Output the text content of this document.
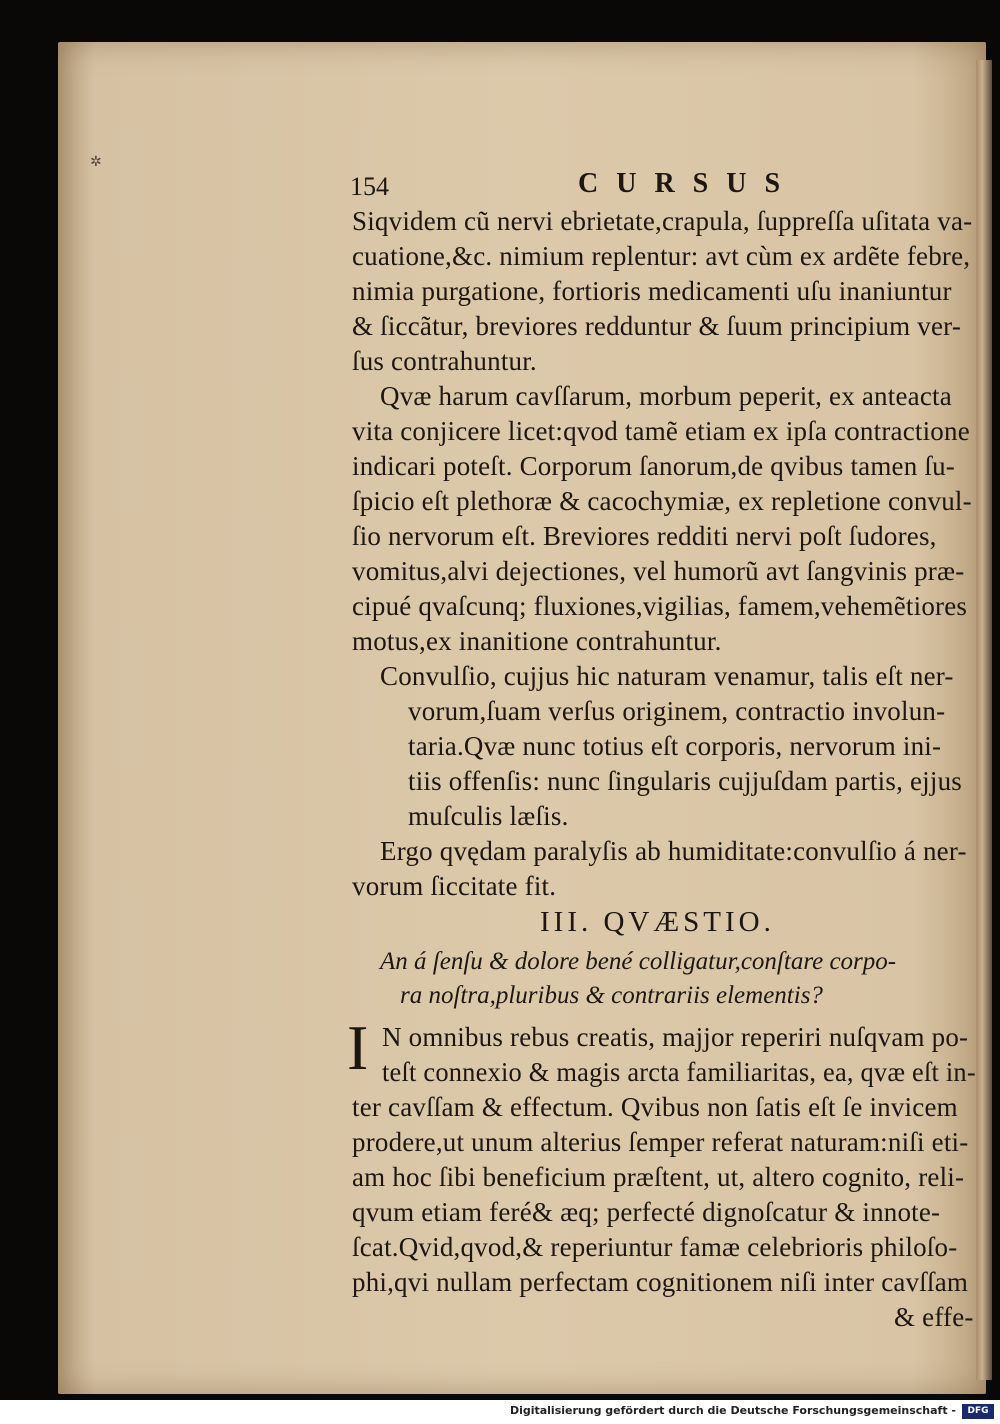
✲
154	CURSUS
Siqvidem cũ nervi ebrietate,crapula, ſuppreſſa uſitata va-
cuatione,&c. nimium replentur: avt cùm ex ardẽte febre,
nimia purgatione, fortioris medicamenti uſu inaniuntur
& ſiccãtur, breviores redduntur & ſuum principium ver-
ſus contrahuntur.
Qvæ harum cavſſarum, morbum peperit, ex anteacta
vita conjicere licet:qvod tamẽ etiam ex ipſa contractione
indicari poteſt. Corporum ſanorum,de qvibus tamen ſu-
ſpicio eſt plethoræ & cacochymiæ, ex repletione convul-
ſio nervorum eſt. Breviores redditi nervi poſt ſudores,
vomitus,alvi dejectiones, vel humorũ avt ſangvinis præ-
cipué qvaſcunq; fluxiones,vigilias, famem,vehemẽtiores
motus,ex inanitione contrahuntur.
Convulſio, cujjus hic naturam venamur, talis eſt ner-
vorum,ſuam verſus originem, contractio involun-
taria.Qvæ nunc totius eſt corporis, nervorum ini-
tiis offenſis: nunc ſingularis cujjuſdam partis, ejjus
muſculis læſis.
Ergo qvędam paralyſis ab humiditate:convulſio á ner-
vorum ſiccitate fit.
III. QVÆSTIO.
An á ſenſu & dolore bené colligatur,conſtare corpo-
ra noſtra,pluribus & contrariis elementis?
I N omnibus rebus creatis, majjor reperiri nuſqvam po-
teſt connexio & magis arcta familiaritas, ea, qvæ eſt in-
ter cavſſam & effectum. Qvibus non ſatis eſt ſe invicem
prodere,ut unum alterius ſemper referat naturam:niſi eti-
am hoc ſibi beneficium præſtent, ut, altero cognito, reli-
qvum etiam feré& æq; perfecté dignoſcatur & innote-
ſcat.Qvid,qvod,& reperiuntur famæ celebrioris philoſo-
phi,qvi nullam perfectam cognitionem niſi inter cavſſam
& effe-
Digitalisierung gefördert durch die Deutsche Forschungsgemeinschaft -	DFG
